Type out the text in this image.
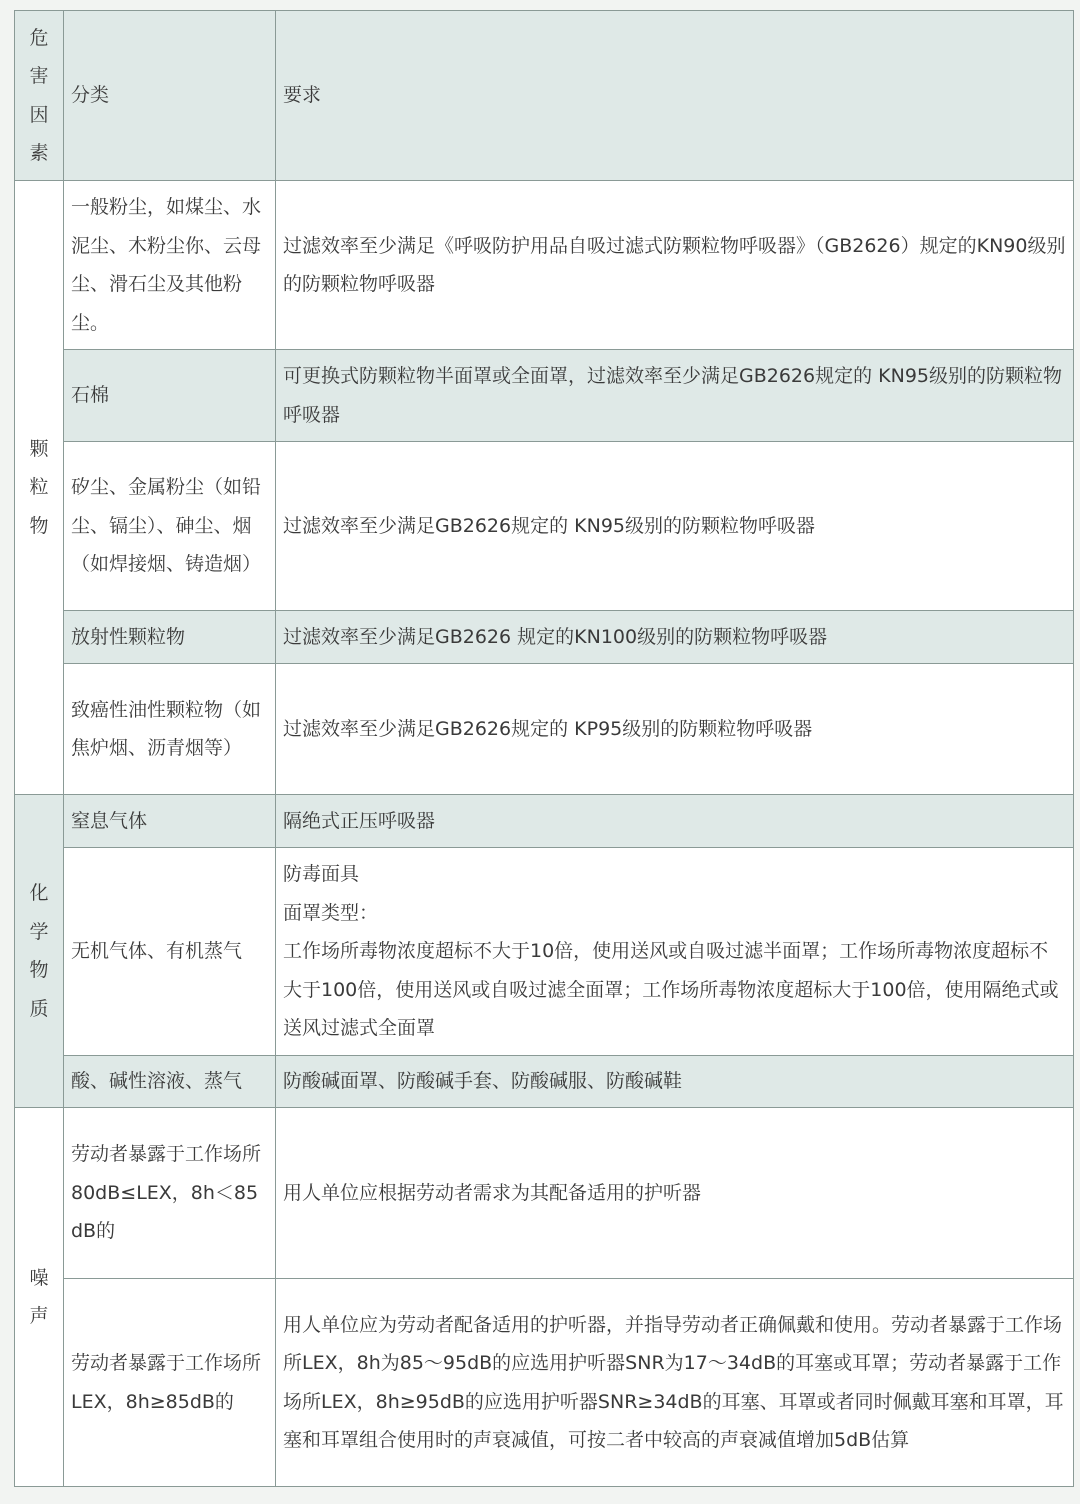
危害因素	分类	要求
颗粒物	一般粉尘，如煤尘、水泥尘、木粉尘你、云母尘、滑石尘及其他粉尘。	过滤效率至少满足《呼吸防护用品自吸过滤式防颗粒物呼吸器》（GB2626）规定的KN90级别的防颗粒物呼吸器
	石棉	可更换式防颗粒物半面罩或全面罩，过滤效率至少满足GB2626规定的 KN95级别的防颗粒物呼吸器
	矽尘、金属粉尘（如铅尘、镉尘）、砷尘、烟（如焊接烟、铸造烟）	过滤效率至少满足GB2626规定的 KN95级别的防颗粒物呼吸器
	放射性颗粒物	过滤效率至少满足GB2626 规定的KN100级别的防颗粒物呼吸器
	致癌性油性颗粒物（如焦炉烟、沥青烟等）	过滤效率至少满足GB2626规定的 KP95级别的防颗粒物呼吸器
化学物质	窒息气体	隔绝式正压呼吸器
	无机气体、有机蒸气	防毒面具
面罩类型：
工作场所毒物浓度超标不大于10倍，使用送风或自吸过滤半面罩；工作场所毒物浓度超标不大于100倍，使用送风或自吸过滤全面罩；工作场所毒物浓度超标大于100倍，使用隔绝式或送风过滤式全面罩

	酸、碱性溶液、蒸气	防酸碱面罩、防酸碱手套、防酸碱服、防酸碱鞋
噪声	劳动者暴露于工作场所
80dB≤LEX，8h＜85 dB的	用人单位应根据劳动者需求为其配备适用的护听器

	劳动者暴露于工作场所
LEX，8h≥85dB的	用人单位应为劳动者配备适用的护听器，并指导劳动者正确佩戴和使用。劳动者暴露于工作场所LEX，8h为85～95dB的应选用护听器SNR为17～34dB的耳塞或耳罩；劳动者暴露于工作场所LEX，8h≥95dB的应选用护听器SNR≥34dB的耳塞、耳罩或者同时佩戴耳塞和耳罩，耳塞和耳罩组合使用时的声衰减值，可按二者中较高的声衰减值增加5dB估算
